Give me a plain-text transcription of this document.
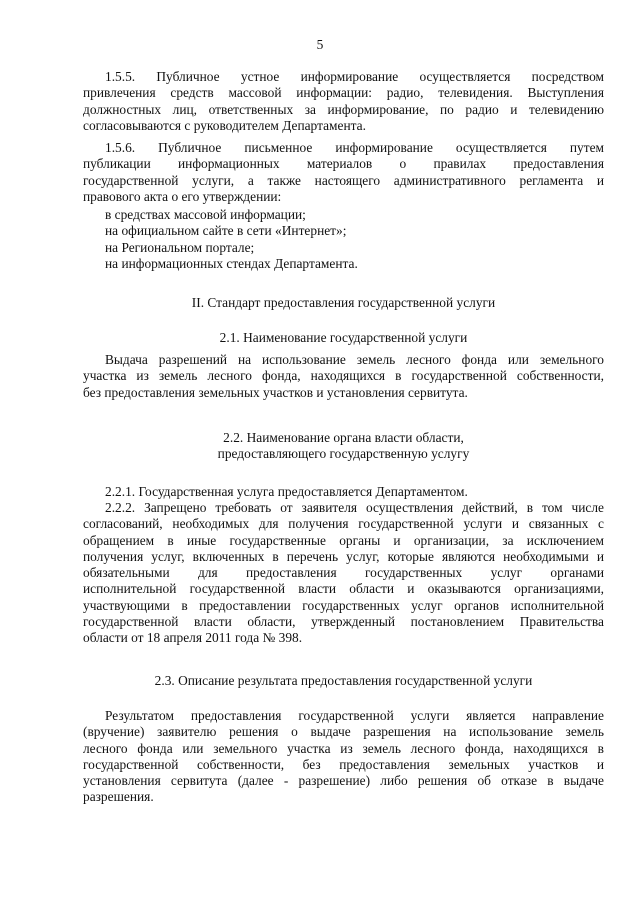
5

1.5.5. Публичное устное информирование осуществляется посредством
привлечения средств массовой информации: радио, телевидения. Выступления
должностных лиц, ответственных за информирование, по радио и телевидению
согласовываются с руководителем Департамента.

1.5.6. Публичное письменное информирование осуществляется путем
публикации информационных материалов о правилах предоставления
государственной услуги, а также настоящего административного регламента и
правового акта о его утверждении:

в средствах массовой информации;
на официальном сайте в сети «Интернет»;
на Региональном портале;
на информационных стендах Департамента.

II. Стандарт предоставления государственной услуги

2.1. Наименование государственной услуги

Выдача разрешений на использование земель лесного фонда или земельного
участка из земель лесного фонда, находящихся в государственной собственности,
без предоставления земельных участков и установления сервитута.

2.2. Наименование органа власти области,
предоставляющего государственную услугу

2.2.1. Государственная услуга предоставляется Департаментом.

2.2.2. Запрещено требовать от заявителя осуществления действий, в том числе
согласований, необходимых для получения государственной услуги и связанных с
обращением в иные государственные органы и организации, за исключением
получения услуг, включенных в перечень услуг, которые являются необходимыми и
обязательными для предоставления государственных услуг органами
исполнительной государственной власти области и оказываются организациями,
участвующими в предоставлении государственных услуг органов исполнительной
государственной власти области, утвержденный постановлением Правительства
области от 18 апреля 2011 года № 398.

2.3. Описание результата предоставления государственной услуги

Результатом предоставления государственной услуги является направление
(вручение) заявителю решения о выдаче разрешения на использование земель
лесного фонда или земельного участка из земель лесного фонда, находящихся в
государственной собственности, без предоставления земельных участков и
установления сервитута (далее - разрешение) либо решения об отказе в выдаче
разрешения.
